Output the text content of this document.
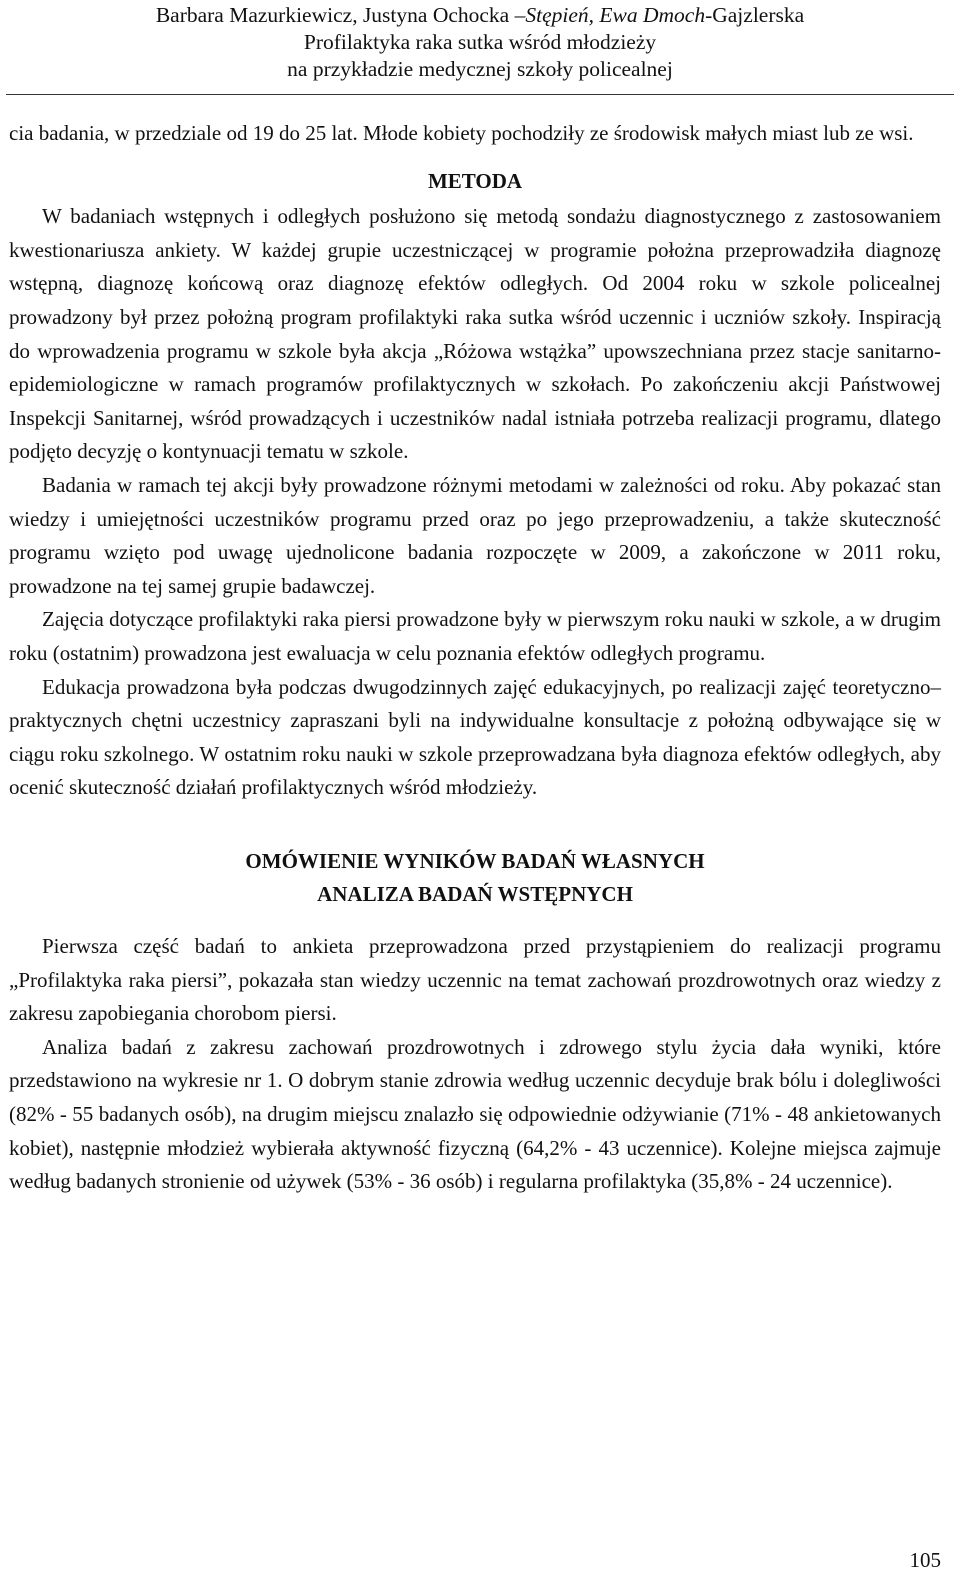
Barbara Mazurkiewicz, Justyna Ochocka –Stępień, Ewa Dmoch-Gajzlerska
Profilaktyka raka sutka wśród młodzieży
na przykładzie medycznej szkoły policealnej

cia badania, w przedziale od 19 do 25 lat. Młode kobiety pochodziły ze środowisk małych miast lub ze wsi.

METODA

W badaniach wstępnych i odległych posłużono się metodą sondażu diagnostycznego z zastosowaniem kwestionariusza ankiety. W każdej grupie uczestniczącej w programie położna przeprowadziła diagnozę wstępną, diagnozę końcową oraz diagnozę efektów odległych. Od 2004 roku w szkole policealnej prowadzony był przez położną program profilaktyki raka sutka wśród uczennic i uczniów szkoły. Inspiracją do wprowadzenia programu w szkole była akcja „Różowa wstążka” upowszechniana przez stacje sanitarno-epidemiologiczne w ramach programów profilaktycznych w szkołach. Po zakończeniu akcji Państwowej Inspekcji Sanitarnej, wśród prowadzących i uczestników nadal istniała potrzeba realizacji programu, dlatego podjęto decyzję o kontynuacji tematu w szkole.

Badania w ramach tej akcji były prowadzone różnymi metodami w zależności od roku. Aby pokazać stan wiedzy i umiejętności uczestników programu przed oraz po jego przeprowadzeniu, a także skuteczność programu wzięto pod uwagę ujednolicone badania rozpoczęte w 2009, a zakończone w 2011 roku, prowadzone na tej samej grupie badawczej.

Zajęcia dotyczące profilaktyki raka piersi prowadzone były w pierwszym roku nauki w szkole, a w drugim roku (ostatnim) prowadzona jest ewaluacja w celu poznania efektów odległych programu.

Edukacja prowadzona była podczas dwugodzinnych zajęć edukacyjnych, po realizacji zajęć teoretyczno–praktycznych chętni uczestnicy zapraszani byli na indywidualne konsultacje z położną odbywające się w ciągu roku szkolnego. W ostatnim roku nauki w szkole przeprowadzana była diagnoza efektów odległych, aby ocenić skuteczność działań profilaktycznych wśród młodzieży.

OMÓWIENIE WYNIKÓW BADAŃ WŁASNYCH
ANALIZA BADAŃ WSTĘPNYCH

Pierwsza część badań to ankieta przeprowadzona przed przystąpieniem do realizacji programu „Profilaktyka raka piersi”, pokazała stan wiedzy uczennic na temat zachowań prozdrowotnych oraz wiedzy z zakresu zapobiegania chorobom piersi.

Analiza badań z zakresu zachowań prozdrowotnych i zdrowego stylu życia dała wyniki, które przedstawiono na wykresie nr 1. O dobrym stanie zdrowia według uczennic decyduje brak bólu i dolegliwości (82% - 55 badanych osób), na drugim miejscu znalazło się odpowiednie odżywianie (71% - 48 ankietowanych kobiet), następnie młodzież wybierała aktywność fizyczną (64,2% - 43 uczennice). Kolejne miejsca zajmuje według badanych stronienie od używek (53% - 36 osób) i regularna profilaktyka (35,8% - 24 uczennice).

105
